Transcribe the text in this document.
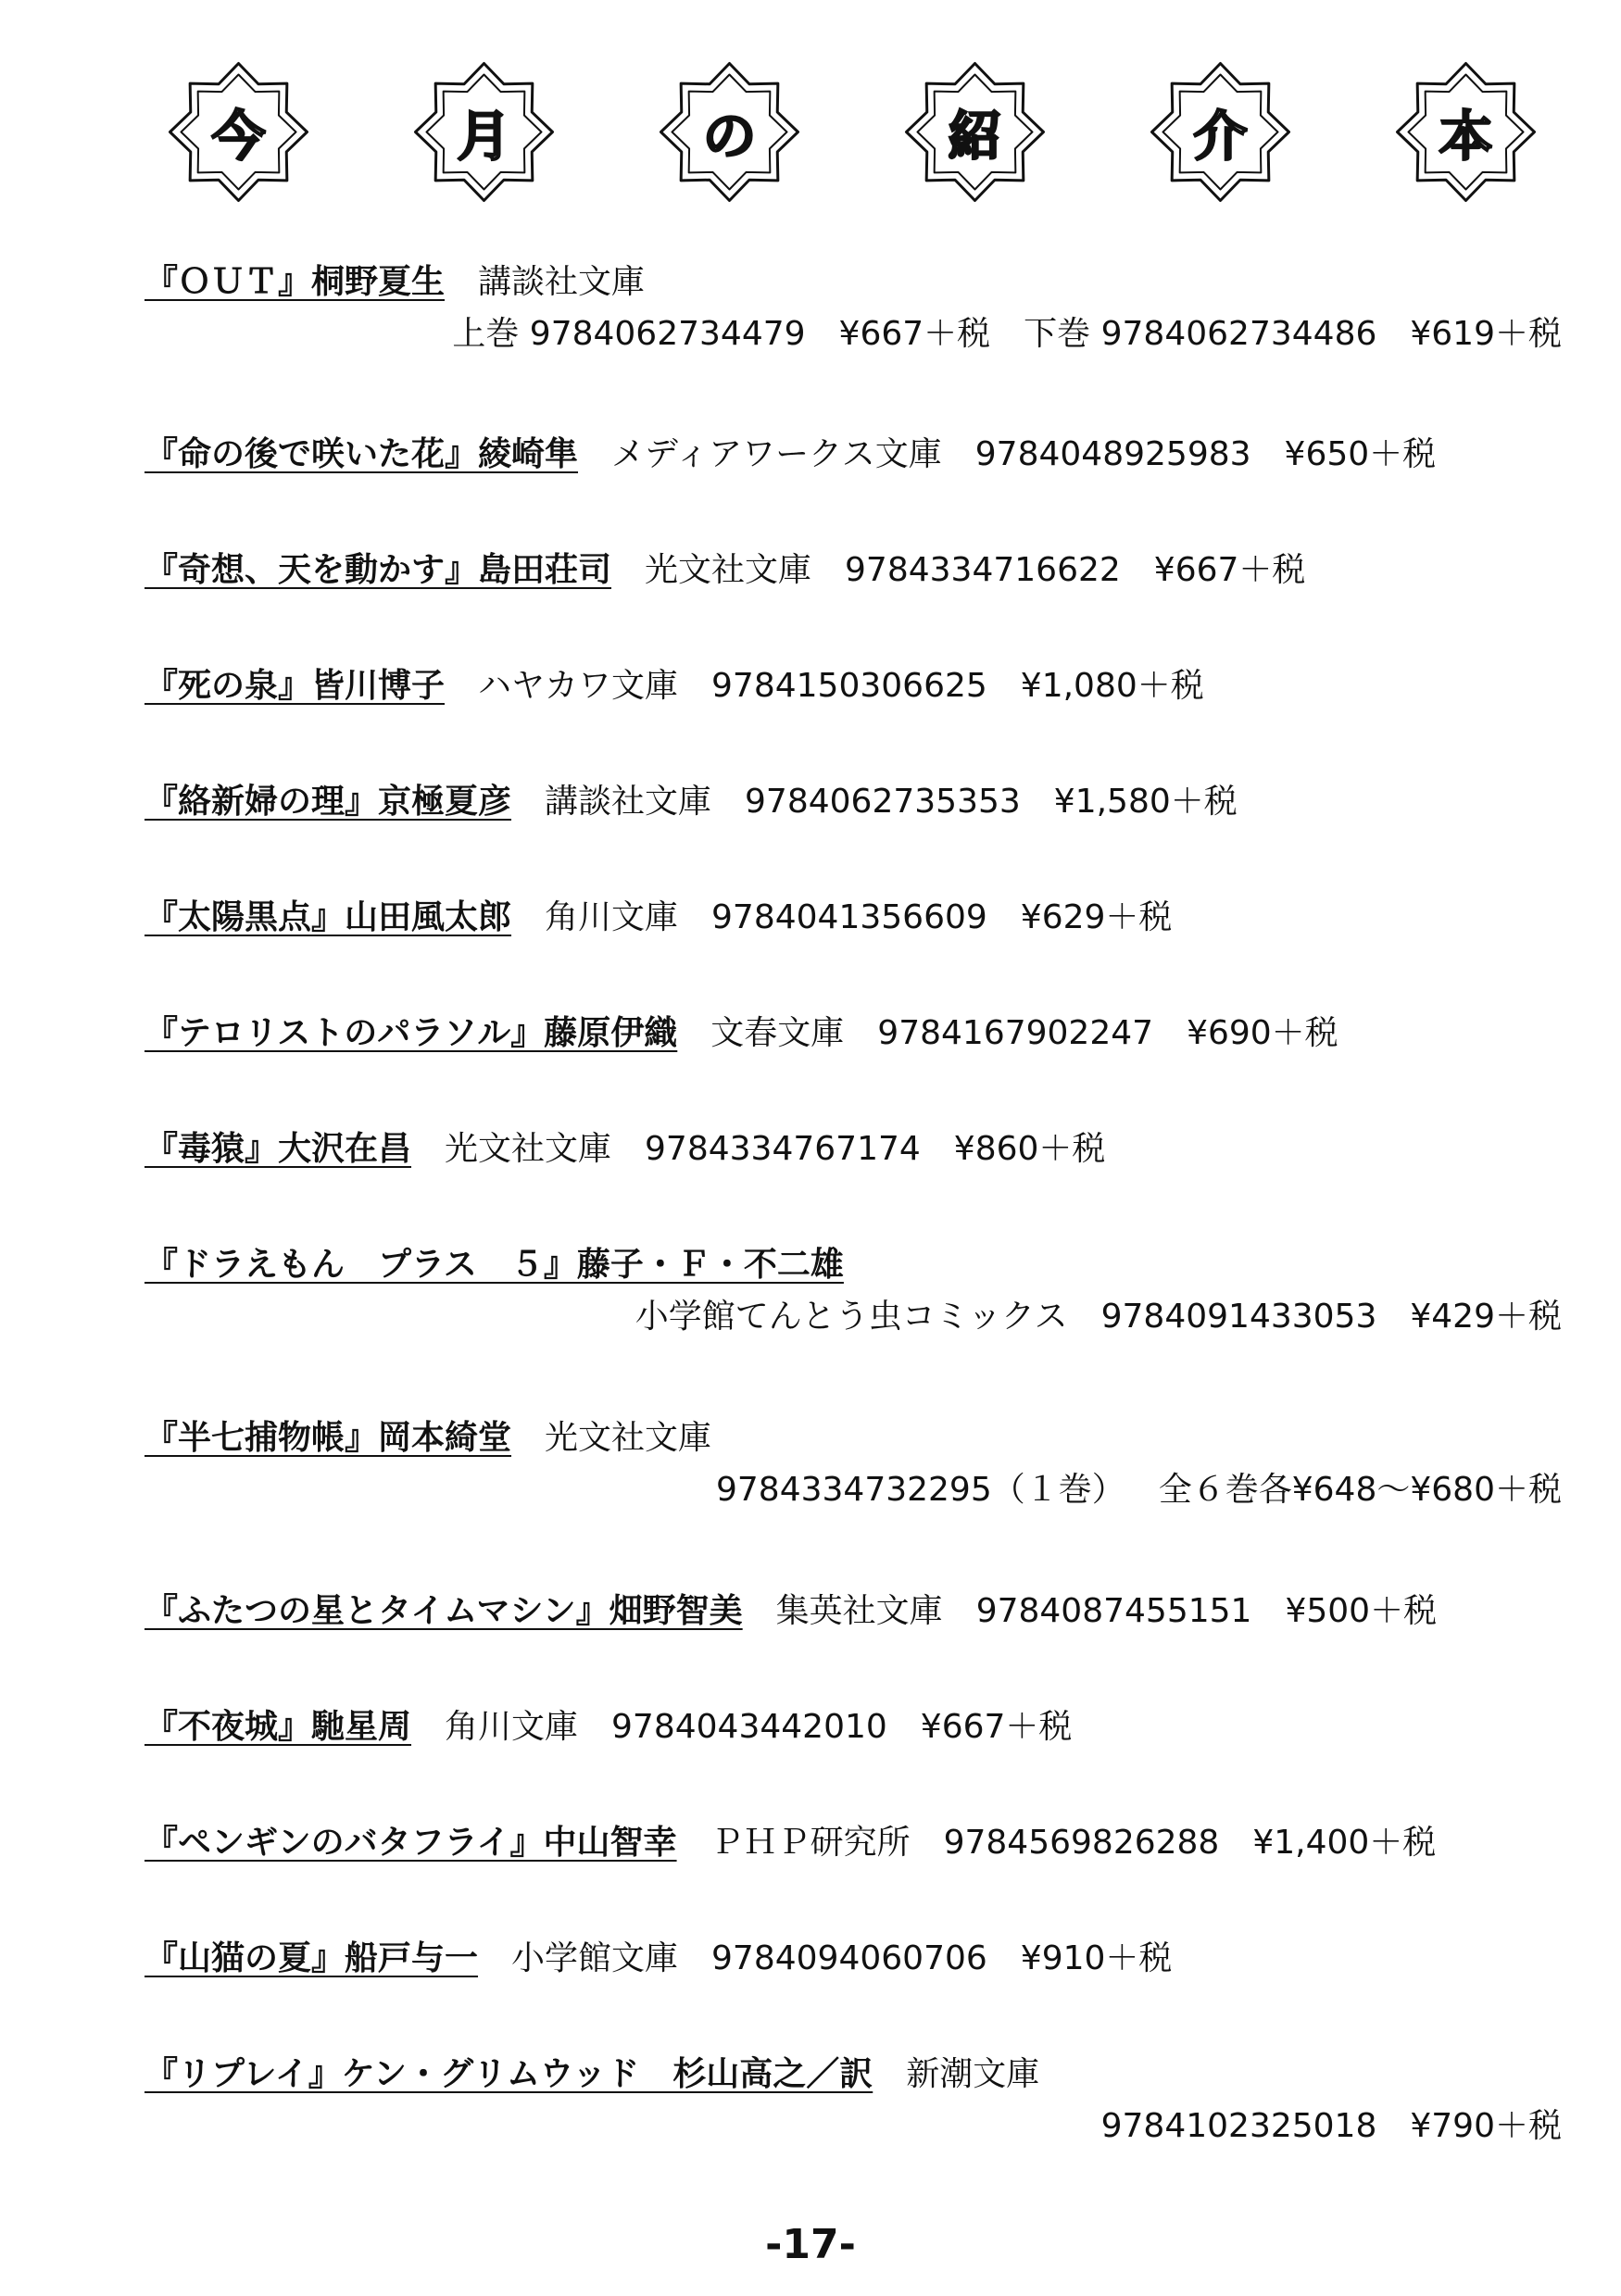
今	月	の	紹	介	本
『ＯＵＴ』桐野夏生 講談社文庫
上巻 9784062734479 ¥667＋税 下巻 9784062734486 ¥619＋税
『命の後で咲いた花』綾崎隼 メディアワークス文庫 9784048925983 ¥650＋税
『奇想、天を動かす』島田荘司 光文社文庫 9784334716622 ¥667＋税
『死の泉』皆川博子 ハヤカワ文庫 9784150306625 ¥1,080＋税
『絡新婦の理』京極夏彦 講談社文庫 9784062735353 ¥1,580＋税
『太陽黒点』山田風太郎 角川文庫 9784041356609 ¥629＋税
『テロリストのパラソル』藤原伊織 文春文庫 9784167902247 ¥690＋税
『毒猿』大沢在昌 光文社文庫 9784334767174 ¥860＋税
『ドラえもん　プラス　５』藤子・Ｆ・不二雄
小学館てんとう虫コミックス 9784091433053 ¥429＋税
『半七捕物帳』岡本綺堂 光文社文庫
9784334732295（１巻） 全６巻各¥648～¥680＋税
『ふたつの星とタイムマシン』畑野智美 集英社文庫 9784087455151 ¥500＋税
『不夜城』馳星周 角川文庫 9784043442010 ¥667＋税
『ペンギンのバタフライ』中山智幸 ＰＨＰ研究所 9784569826288 ¥1,400＋税
『山猫の夏』船戸与一 小学館文庫 9784094060706 ¥910＋税
『リプレイ』ケン・グリムウッド　杉山高之／訳 新潮文庫
9784102325018 ¥790＋税
-17-
